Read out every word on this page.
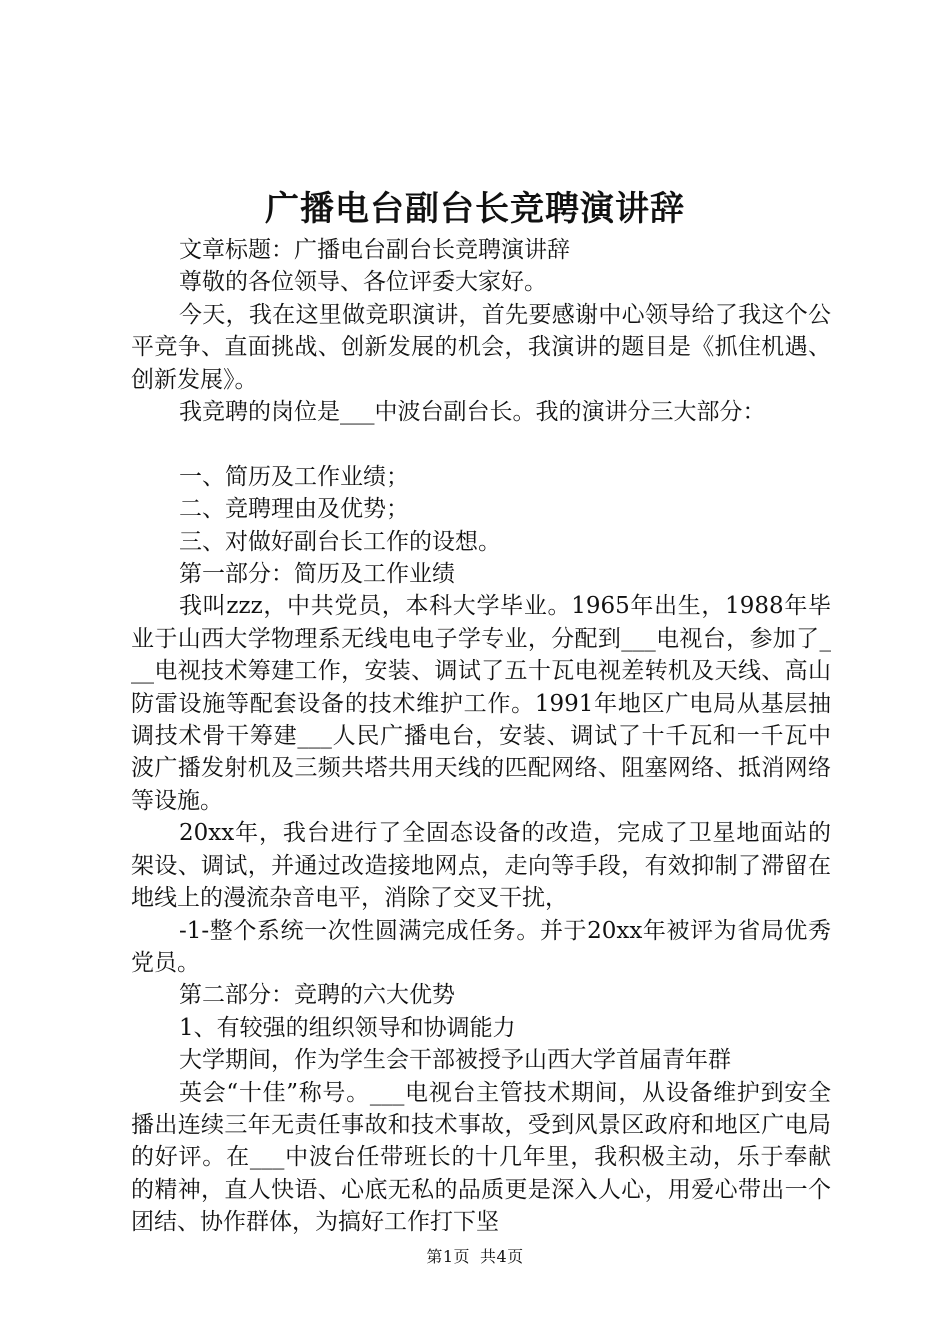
广播电台副台长竞聘演讲辞

文章标题：广播电台副台长竞聘演讲辞

尊敬的各位领导、各位评委大家好。

今天，我在这里做竞职演讲，首先要感谢中心领导给了我这个公平竞争、直面挑战、创新发展的机会，我演讲的题目是《抓住机遇、创新发展》。

我竞聘的岗位是___中波台副台长。我的演讲分三大部分：

一、简历及工作业绩；

二、竞聘理由及优势；

三、对做好副台长工作的设想。

第一部分：简历及工作业绩

我叫zzz，中共党员，本科大学毕业。1965年出生，1988年毕业于山西大学物理系无线电电子学专业，分配到___电视台，参加了___电视技术筹建工作，安装、调试了五十瓦电视差转机及天线、高山防雷设施等配套设备的技术维护工作。1991年地区广电局从基层抽调技术骨干筹建___人民广播电台，安装、调试了十千瓦和一千瓦中波广播发射机及三频共塔共用天线的匹配网络、阻塞网络、抵消网络等设施。

20xx年，我台进行了全固态设备的改造，完成了卫星地面站的架设、调试，并通过改造接地网点，走向等手段，有效抑制了滞留在地线上的漫流杂音电平，消除了交叉干扰，

-1-整个系统一次性圆满完成任务。并于20xx年被评为省局优秀党员。

第二部分：竞聘的六大优势

1、有较强的组织领导和协调能力

大学期间，作为学生会干部被授予山西大学首届青年群

英会“十佳”称号。___电视台主管技术期间，从设备维护到安全播出连续三年无责任事故和技术事故，受到风景区政府和地区广电局的好评。在___中波台任带班长的十几年里，我积极主动，乐于奉献的精神，直人快语、心底无私的品质更是深入人心，用爱心带出一个团结、协作群体，为搞好工作打下坚

第1页 共4页
